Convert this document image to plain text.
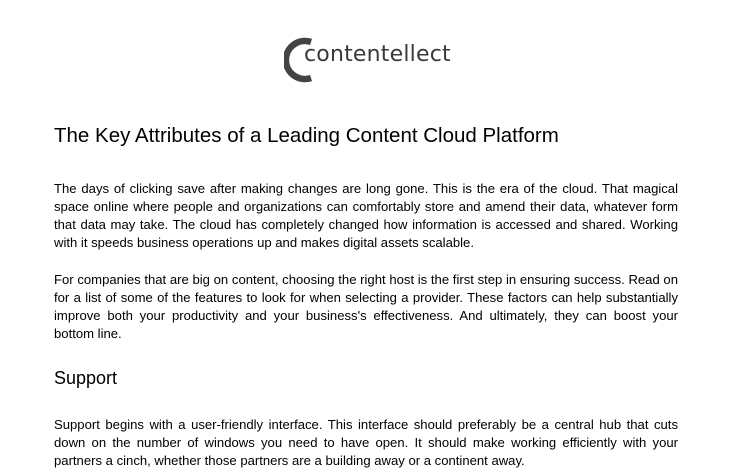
contentellect
The Key Attributes of a Leading Content Cloud Platform

The days of clicking save after making changes are long gone. This is the era of the cloud. That magical space online where people and organizations can comfortably store and amend their data, whatever form that data may take. The cloud has completely changed how information is accessed and shared. Working with it speeds business operations up and makes digital assets scalable.

For companies that are big on content, choosing the right host is the first step in ensuring success. Read on for a list of some of the features to look for when selecting a provider. These factors can help substantially improve both your productivity and your business's effectiveness. And ultimately, they can boost your bottom line.

Support

Support begins with a user-friendly interface. This interface should preferably be a central hub that cuts down on the number of windows you need to have open. It should make working efficiently with your partners a cinch, whether those partners are a building away or a continent away.
